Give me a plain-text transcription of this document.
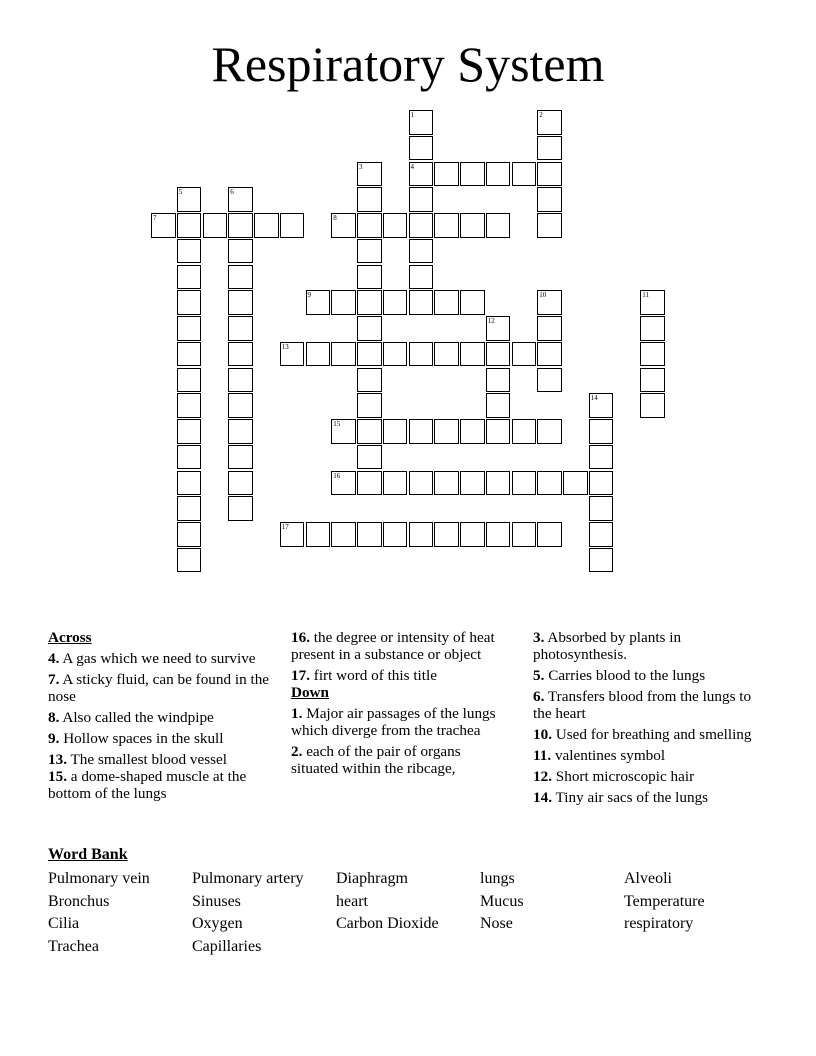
Respiratory System
1
4
2
3
5	6
7	8
9	10	11
12
13
14
15
16
17
Across
4. A gas which we need to survive
7. A sticky fluid, can be found in the nose
8. Also called the windpipe
9. Hollow spaces in the skull
13. The smallest blood vessel
15. a dome-shaped muscle at the bottom of the lungs
16. the degree or intensity of heat present in a substance or object
17. firt word of this title
Down
1. Major air passages of the lungs which diverge from the trachea
2. each of the pair of organs situated within the ribcage,
3. Absorbed by plants in photosynthesis.
5. Carries blood to the lungs
6. Transfers blood from the lungs to the heart
10. Used for breathing and smelling
11. valentines symbol
12. Short microscopic hair
14. Tiny air sacs of the lungs
Word Bank
Pulmonary vein	Pulmonary artery Diaphragm	lungs	Alveoli
Bronchus	Sinuses	heart	Mucus	Temperature
Cilia	Oxygen	Carbon Dioxide	Nose	respiratory
Trachea	Capillaries
